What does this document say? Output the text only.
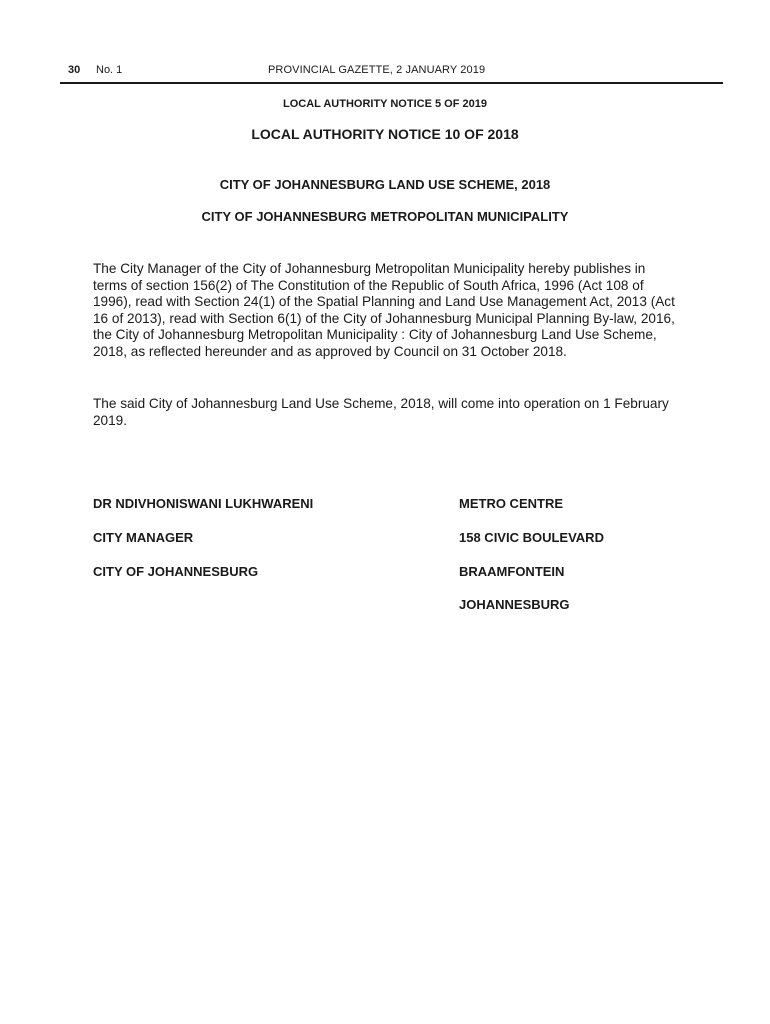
30 No. 1	PROVINCIAL GAZETTE, 2 JANUARY 2019
LOCAL AUTHORITY NOTICE 5 OF 2019
LOCAL AUTHORITY NOTICE 10 OF 2018
CITY OF JOHANNESBURG LAND USE SCHEME, 2018
CITY OF JOHANNESBURG METROPOLITAN MUNICIPALITY

The City Manager of the City of Johannesburg Metropolitan Municipality hereby publishes in terms of section 156(2) of The Constitution of the Republic of South Africa, 1996 (Act 108 of 1996), read with Section 24(1) of the Spatial Planning and Land Use Management Act, 2013 (Act 16 of 2013), read with Section 6(1) of the City of Johannesburg Municipal Planning By-law, 2016, the City of Johannesburg Metropolitan Municipality : City of Johannesburg Land Use Scheme, 2018, as reflected hereunder and as approved by Council on 31 October 2018.

The said City of Johannesburg Land Use Scheme, 2018, will come into operation on 1 February 2019.

DR NDIVHONISWANI LUKHWARENI
CITY MANAGER
CITY OF JOHANNESBURG
METRO CENTRE
158 CIVIC BOULEVARD
BRAAMFONTEIN
JOHANNESBURG
